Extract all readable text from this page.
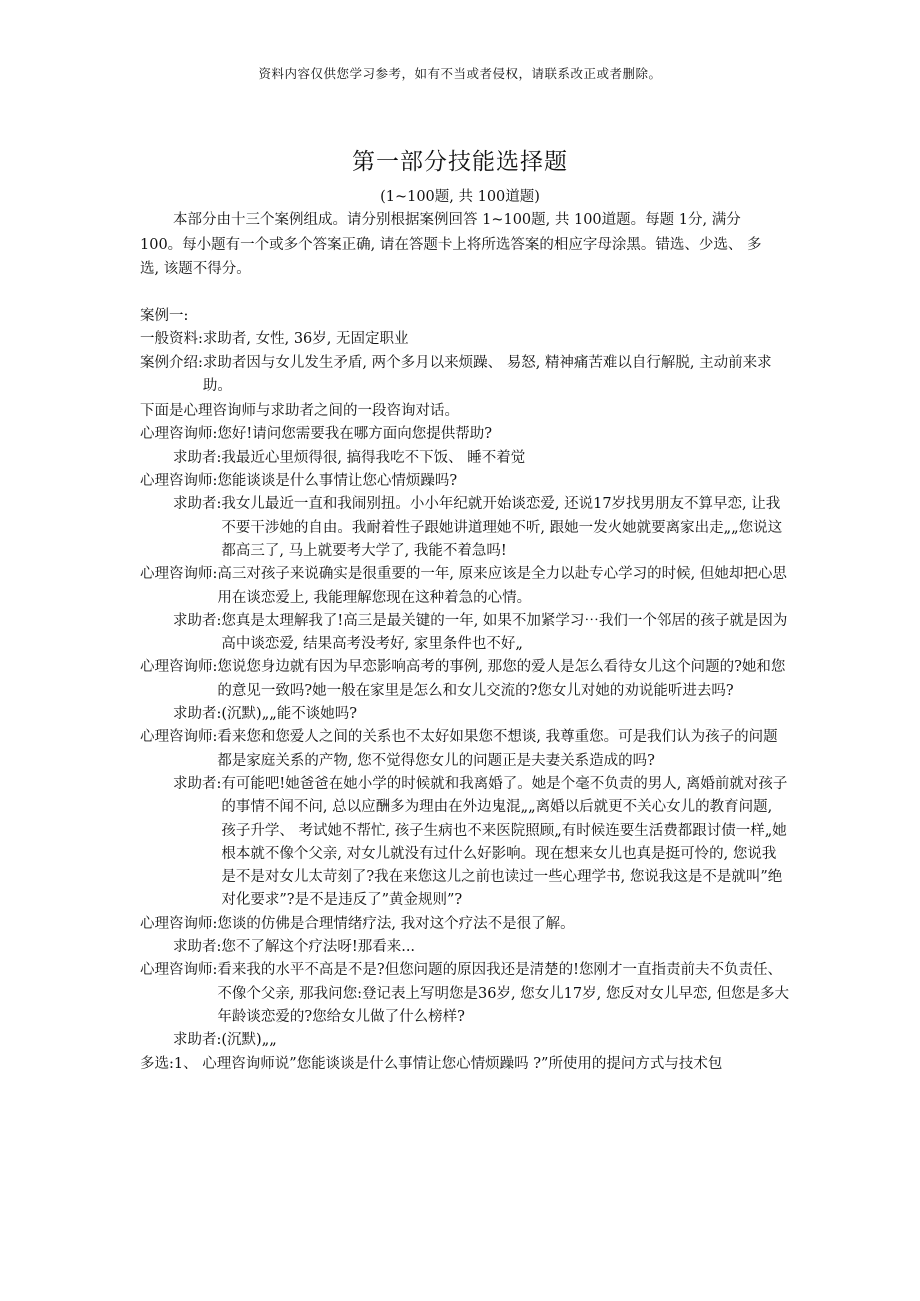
资料内容仅供您学习参考，如有不当或者侵权，请联系改正或者删除。
第一部分技能选择题
(1~100题, 共 100道题)
本部分由十三个案例组成。请分别根据案例回答 1~100题, 共 100道题。每题 1分, 满分 100。每小题有一个或多个答案正确, 请在答题卡上将所选答案的相应字母涂黑。错选、少选、 多选, 该题不得分。
案例一:
一般资料: 求助者, 女性, 36岁, 无固定职业
案例介绍: 求助者因与女儿发生矛盾, 两个多月以来烦躁、 易怒, 精神痛苦难以自行解脱, 主动前来求助。
下面是心理咨询师与求助者之间的一段咨询对话。
心理咨询师: 您好!请问您需要我在哪方面向您提供帮助?
求助者: 我最近心里烦得很, 搞得我吃不下饭、 睡不着觉
心理咨询师: 您能谈谈是什么事情让您心情烦躁吗?
求助者: 我女儿最近一直和我闹别扭。小小年纪就开始谈恋爱, 还说17岁找男朋友不算早恋, 让我不要干涉她的自由。我耐着性子跟她讲道理她不听, 跟她一发火她就要离家出走„„您说这都高三了, 马上就要考大学了, 我能不着急吗!
心理咨询师: 高三对孩子来说确实是很重要的一年, 原来应该是全力以赴专心学习的时候, 但她却把心思用在谈恋爱上, 我能理解您现在这种着急的心情。
求助者: 您真是太理解我了!高三是最关键的一年, 如果不加紧学习⋯我们一个邻居的孩子就是因为高中谈恋爱, 结果高考没考好, 家里条件也不好„
心理咨询师: 您说您身边就有因为早恋影响高考的事例, 那您的爱人是怎么看待女儿这个问题的?她和您的意见一致吗?她一般在家里是怎么和女儿交流的?您女儿对她的劝说能听进去吗?
求助者: (沉默)„„能不谈她吗?
心理咨询师: 看来您和您爱人之间的关系也不太好如果您不想谈, 我尊重您。可是我们认为孩子的问题都是家庭关系的产物, 您不觉得您女儿的问题正是夫妻关系造成的吗?
求助者: 有可能吧!她爸爸在她小学的时候就和我离婚了。她是个毫不负责的男人, 离婚前就对孩子的事情不闻不问, 总以应酬多为理由在外边鬼混„„离婚以后就更不关心女儿的教育问题, 孩子升学、 考试她不帮忙, 孩子生病也不来医院照顾„有时候连要生活费都跟讨债一样„她根本就不像个父亲, 对女儿就没有过什么好影响。现在想来女儿也真是挺可怜的, 您说我是不是对女儿太苛刻了?我在来您这儿之前也读过一些心理学书, 您说我这是不是就叫”绝对化要求”?是不是违反了”黄金规则”?
心理咨询师: 您谈的仿佛是合理情绪疗法, 我对这个疗法不是很了解。
求助者: 您不了解这个疗法呀!那看来...
心理咨询师: 看来我的水平不高是不是?但您问题的原因我还是清楚的!您刚才一直指责前夫不负责任、 不像个父亲, 那我问您:登记表上写明您是36岁, 您女儿17岁, 您反对女儿早恋, 但您是多大年龄谈恋爱的?您给女儿做了什么榜样?
求助者: (沉默)„„
多选:1、 心理咨询师说”您能谈谈是什么事情让您心情烦躁吗 ?”所使用的提问方式与技术包
